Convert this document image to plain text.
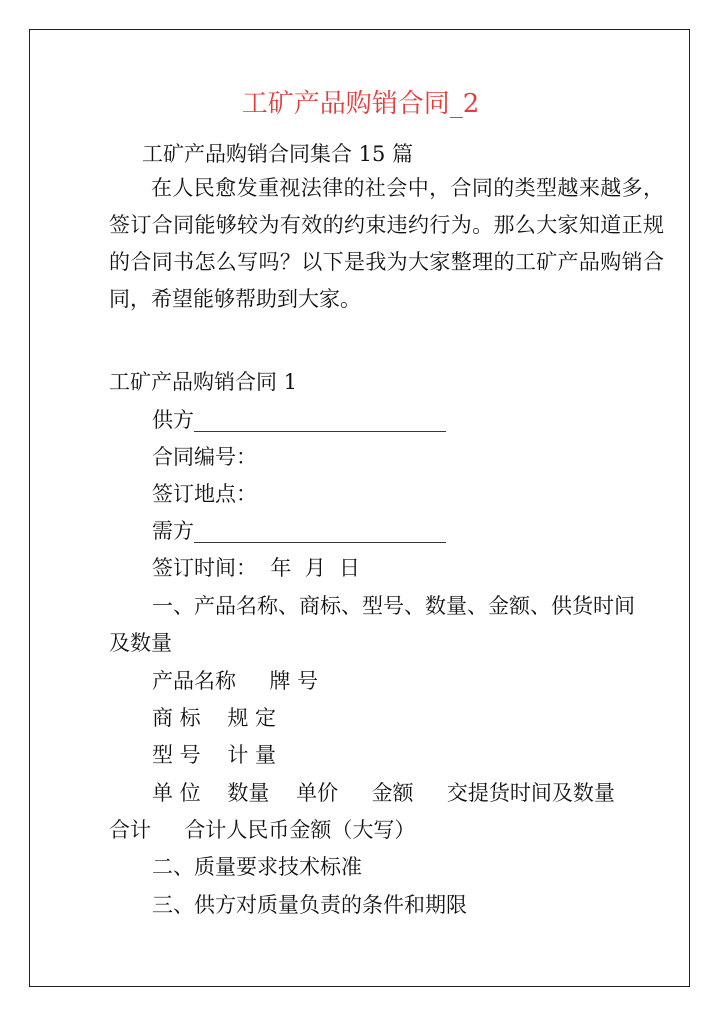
工矿产品购销合同_2
工矿产品购销合同集合 15 篇
在人民愈发重视法律的社会中，合同的类型越来越多，签订合同能够较为有效的约束违约行为。那么大家知道正规的合同书怎么写吗？以下是我为大家整理的工矿产品购销合同，希望能够帮助到大家。
工矿产品购销合同 1
供方________________________
合同编号：
签订地点：
需方________________________
签订时间：  年  月  日
一、产品名称、商标、型号、数量、金额、供货时间
及数量
产品名称     牌 号
商 标    规 定
型 号    计 量
单 位    数量    单价     金额     交提货时间及数量
合计     合计人民币金额（大写）
二、质量要求技术标准
三、供方对质量负责的条件和期限
